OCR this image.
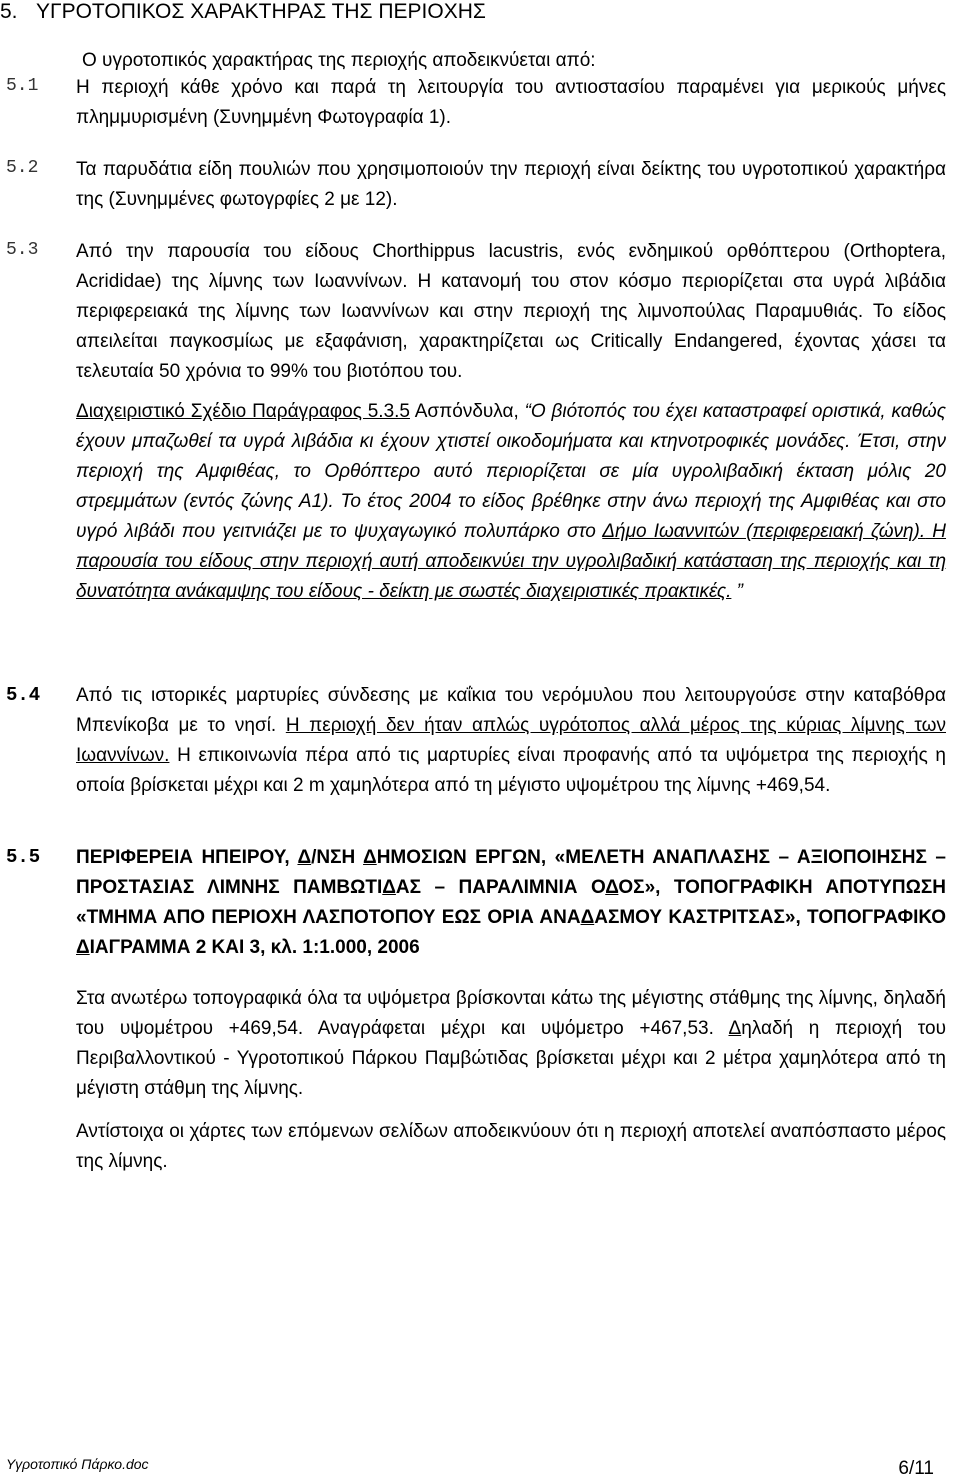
5. ΥΓΡΟΤΟΠΙΚΟΣ ΧΑΡΑΚΤΗΡΑΣ ΤΗΣ ΠΕΡΙΟΧΗΣ
Ο υγροτοπικός χαρακτήρας της περιοχής αποδεικνύεται από:
5.1 Η περιοχή κάθε χρόνο και παρά τη λειτουργία του αντιοστασίου παραμένει για μερικούς μήνες πλημμυρισμένη (Συνημμένη Φωτογραφία 1).
5.2 Τα παρυδάτια είδη πουλιών που χρησιμοποιούν την περιοχή είναι δείκτης του υγροτοπικού χαρακτήρα της (Συνημμένες φωτογρφίες 2 με 12).
5.3 Από την παρουσία του είδους Chorthippus lacustris, ενός ενδημικού ορθόπτερου (Orthoptera, Acrididae) της λίμνης των Ιωαννίνων. Η κατανομή του στον κόσμο περιορίζεται στα υγρά λιβάδια περιφερειακά της λίμνης των Ιωαννίνων και στην περιοχή της λιμνοπούλας Παραμυθιάς. Το είδος απειλείται παγκοσμίως με εξαφάνιση, χαρακτηρίζεται ως Critically Endangered, έχοντας χάσει τα τελευταία 50 χρόνια το 99% του βιοτόπου του.

Διαχειριστικό Σχέδιο Παράγραφος 5.3.5 Ασπόνδυλα, “Ο βιότοπός του έχει καταστραφεί οριστικά, καθώς έχουν μπαζωθεί τα υγρά λιβάδια κι έχουν χτιστεί οικοδομήματα και κτηνοτροφικές μονάδες. Έτσι, στην περιοχή της Αμφιθέας, το Ορθόπτερο αυτό περιορίζεται σε μία υγρολιβαδική έκταση μόλις 20 στρεμμάτων (εντός ζώνης Α1). Το έτος 2004 το είδος βρέθηκε στην άνω περιοχή της Αμφιθέας και στο υγρό λιβάδι που γειτνιάζει με το ψυχαγωγικό πολυπάρκο στο Δήμο Ιωαννιτών (περιφερειακή ζώνη). Η παρουσία του είδους στην περιοχή αυτή αποδεικνύει την υγρολιβαδική κατάσταση της περιοχής και τη δυνατότητα ανάκαμψης του είδους - δείκτη με σωστές διαχειριστικές πρακτικές. ”

5.4 Από τις ιστορικές μαρτυρίες σύνδεσης με καΐκια του νερόμυλου που λειτουργούσε στην καταβόθρα Μπενίκοβα με το νησί. Η περιοχή δεν ήταν απλώς υγρότοπος αλλά μέρος της κύριας λίμνης των Ιωαννίνων. Η επικοινωνία πέρα από τις μαρτυρίες είναι προφανής από τα υψόμετρα της περιοχής η οποία βρίσκεται μέχρι και 2 m χαμηλότερα από τη μέγιστο υψομέτρου της λίμνης +469,54.
5.5 ΠΕΡΙΦΕΡΕΙΑ ΗΠΕΙΡΟΥ, Δ/ΝΣΗ ΔΗΜΟΣΙΩΝ ΕΡΓΩΝ, «ΜΕΛΕΤΗ ΑΝΑΠΛΑΣΗΣ – ΑΞΙΟΠΟΙΗΣΗΣ – ΠΡΟΣΤΑΣΙΑΣ ΛΙΜΝΗΣ ΠΑΜΒΩΤΙΔΑΣ – ΠΑΡΑΛΙΜΝΙΑ ΟΔΟΣ», ΤΟΠΟΓΡΑΦΙΚΗ ΑΠΟΤΥΠΩΣΗ «ΤΜΗΜΑ ΑΠΟ ΠΕΡΙΟΧΗ ΛΑΣΠΟΤΟΠΟΥ ΕΩΣ ΟΡΙΑ ΑΝΑΔΑΣΜΟΥ ΚΑΣΤΡΙΤΣΑΣ», ΤΟΠΟΓΡΑΦΙΚΟ ΔΙΑΓΡΑΜΜΑ 2 ΚΑΙ 3, κλ. 1:1.000, 2006
Στα ανωτέρω τοπογραφικά όλα τα υψόμετρα βρίσκονται κάτω της μέγιστης στάθμης της λίμνης, δηλαδή του υψομέτρου +469,54. Αναγράφεται μέχρι και υψόμετρο +467,53. Δηλαδή η περιοχή του Περιβαλλοντικού - Υγροτοπικού Πάρκου Παμβώτιδας βρίσκεται μέχρι και 2 μέτρα χαμηλότερα από τη μέγιστη στάθμη της λίμνης.
Αντίστοιχα οι χάρτες των επόμενων σελίδων αποδεικνύουν ότι η περιοχή αποτελεί αναπόσπαστο μέρος της λίμνης.
Υγροτοπικό Πάρκο.doc	6/11
